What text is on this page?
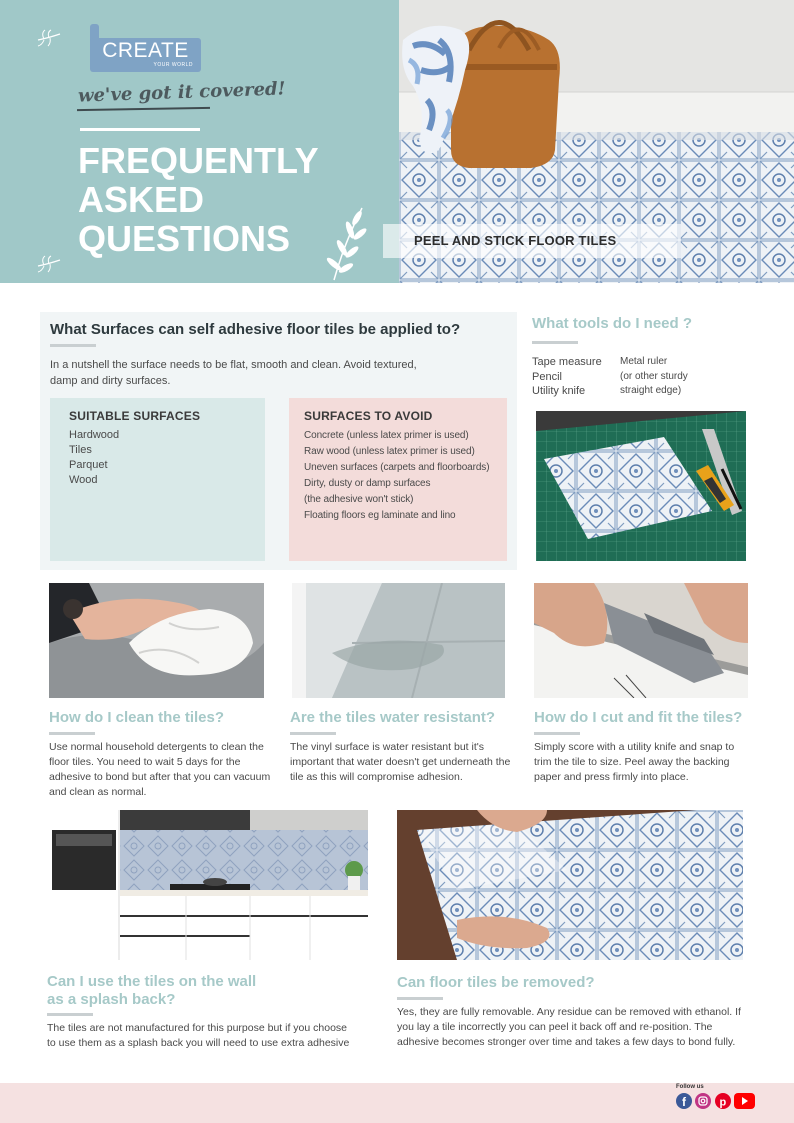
CREATE
YOUR WORLD
we've got it covered!
FREQUENTLY
ASKED
QUESTIONS	PEEL AND STICK FLOOR TILES
What Surfaces can self adhesive floor tiles be applied to?

In a nutshell the surface needs to be flat, smooth and clean. Avoid textured, damp and dirty surfaces.

SUITABLE SURFACES
Hardwood
Tiles
Parquet
Wood
SURFACES TO AVOID
Concrete (unless latex primer is used)
Raw wood (unless latex primer is used)
Uneven surfaces (carpets and floorboards)
Dirty, dusty or damp surfaces
(the adhesive won't stick)
Floating floors eg laminate and lino
What tools do I need ?
Tape measure
Pencil
Utility knife
Metal ruler
(or other sturdy
straight edge)
How do I clean the tiles?

Use normal household detergents to clean the floor tiles. You need to wait 5 days for the adhesive to bond but after that you can vacuum and clean as normal.

Are the tiles water resistant?

The vinyl surface is water resistant but it's important that water doesn't get underneath the tile as this will compromise adhesion.

How do I cut and fit the tiles?

Simply score with a utility knife and snap to trim the tile to size. Peel away the backing paper and press firmly into place.

Can I use the tiles on the wall
as a splash back?

The tiles are not manufactured for this purpose but if you choose to use them as a splash back you will need to use extra adhesive

Can floor tiles be removed?

Yes, they are fully removable. Any residue can be removed with ethanol. If you lay a tile incorrectly you can peel it back off and re-position. The adhesive becomes stronger over time and takes a few days to bond fully.

Follow us
f	p
